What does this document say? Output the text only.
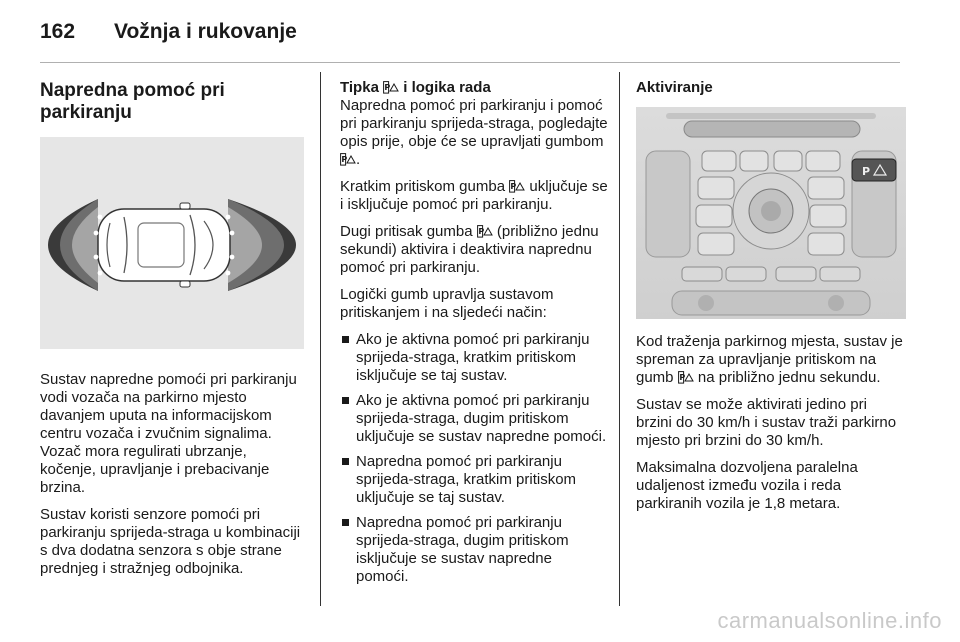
162 Vožnja i rukovanje
Napredna pomoć pri parkiranju

Sustav napredne pomoći pri parkiranju vodi vozača na parkirno mjesto davanjem uputa na informacijskom centru vozača i zvučnim signalima. Vozač mora regulirati ubrzanje, kočenje, upravljanje i prebacivanje brzina.

Sustav koristi senzore pomoći pri parkiranju sprijeda-straga u kombinaciji s dva dodatna senzora s obje strane prednjeg i stražnjeg odbojnika.

Tipka P i logika rada

Napredna pomoć pri parkiranju i pomoć pri parkiranju sprijeda-straga, pogledajte opis prije, obje će se upravljati gumbom
P .

Kratkim pritiskom gumba P uključuje se i isključuje pomoć pri parkiranju.

Dugi pritisak gumba P (približno jednu sekundi) aktivira i deaktivira naprednu pomoć pri parkiranju.

Logički gumb upravlja sustavom pritiskanjem i na sljedeći način:

Ako je aktivna pomoć pri parkiranju sprijeda-straga, kratkim pritiskom isključuje se taj sustav.
Ako je aktivna pomoć pri parkiranju sprijeda-straga, dugim pritiskom uključuje se sustav napredne pomoći.
Napredna pomoć pri parkiranju sprijeda-straga, kratkim pritiskom uključuje se taj sustav.
Napredna pomoć pri parkiranju sprijeda-straga, dugim pritiskom isključuje se sustav napredne pomoći.
Aktiviranje
P

Kod traženja parkirnog mjesta, sustav je spreman za upravljanje pritiskom na gumb P na približno jednu sekundu.

Sustav se može aktivirati jedino pri brzini do 30 km/h i sustav traži parkirno mjesto pri brzini do 30 km/h.

Maksimalna dozvoljena paralelna udaljenost između vozila i reda parkiranih vozila je 1,8 metara.

carmanualsonline.info
